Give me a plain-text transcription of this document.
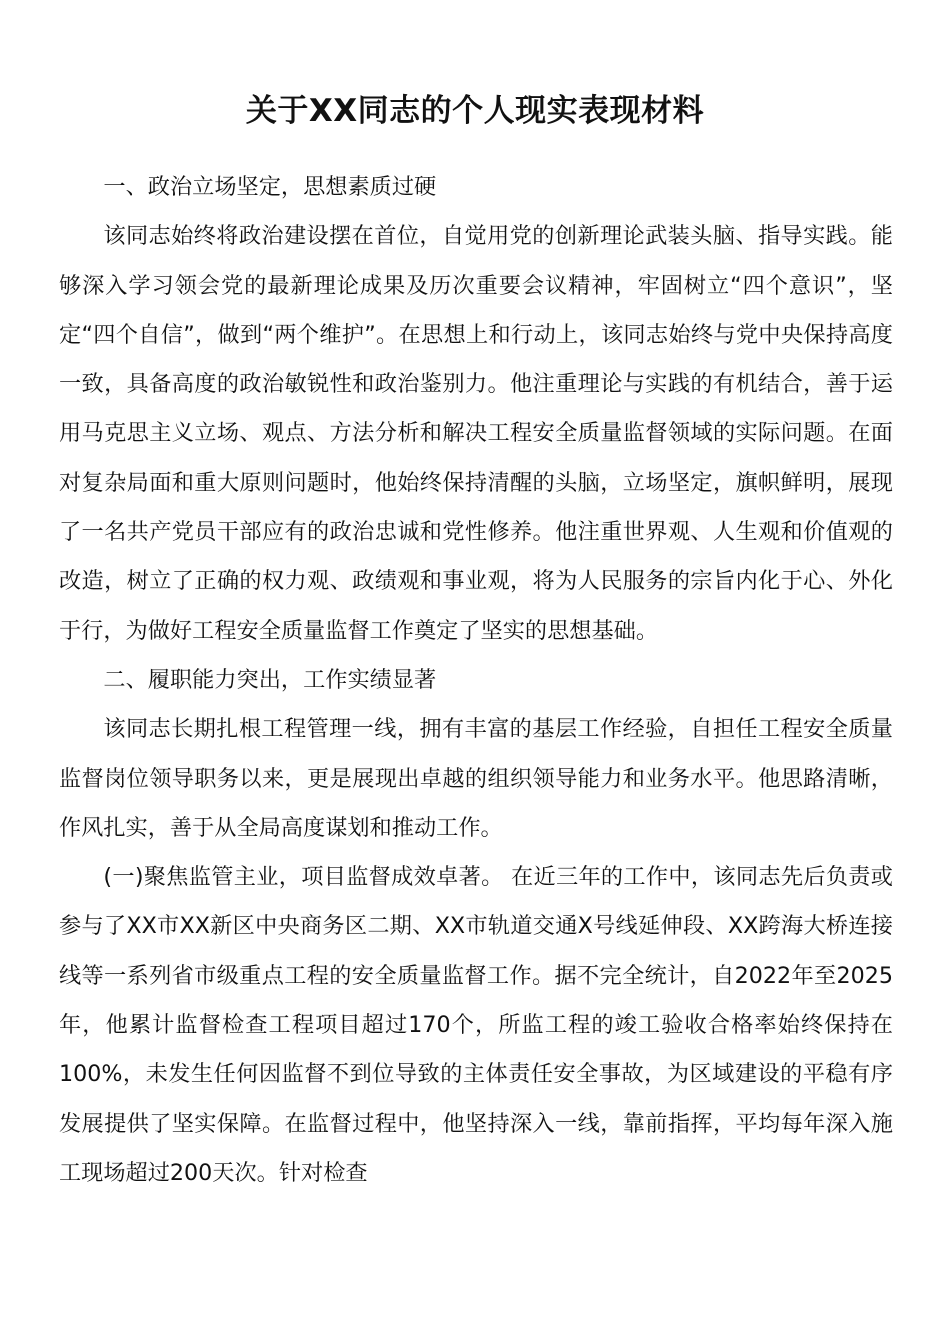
关于XX同志的个人现实表现材料

一、政治立场坚定，思想素质过硬

该同志始终将政治建设摆在首位，自觉用党的创新理论武装头脑、指导实践。能够深入学习领会党的最新理论成果及历次重要会议精神，牢固树立“四个意识”，坚定“四个自信”，做到“两个维护”。在思想上和行动上，该同志始终与党中央保持高度一致，具备高度的政治敏锐性和政治鉴别力。他注重理论与实践的有机结合，善于运用马克思主义立场、观点、方法分析和解决工程安全质量监督领域的实际问题。在面对复杂局面和重大原则问题时，他始终保持清醒的头脑，立场坚定，旗帜鲜明，展现了一名共产党员干部应有的政治忠诚和党性修养。他注重世界观、人生观和价值观的改造，树立了正确的权力观、政绩观和事业观，将为人民服务的宗旨内化于心、外化于行，为做好工程安全质量监督工作奠定了坚实的思想基础。

二、履职能力突出，工作实绩显著

该同志长期扎根工程管理一线，拥有丰富的基层工作经验，自担任工程安全质量监督岗位领导职务以来，更是展现出卓越的组织领导能力和业务水平。他思路清晰，作风扎实，善于从全局高度谋划和推动工作。

(一)聚焦监管主业，项目监督成效卓著。 在近三年的工作中，该同志先后负责或参与了XX市XX新区中央商务区二期、XX市轨道交通X号线延伸段、XX跨海大桥连接线等一系列省市级重点工程的安全质量监督工作。据不完全统计，自2022年至2025年，他累计监督检查工程项目超过170个，所监工程的竣工验收合格率始终保持在100%，未发生任何因监督不到位导致的主体责任安全事故，为区域建设的平稳有序发展提供了坚实保障。在监督过程中，他坚持深入一线，靠前指挥，平均每年深入施工现场超过200天次。针对检查
